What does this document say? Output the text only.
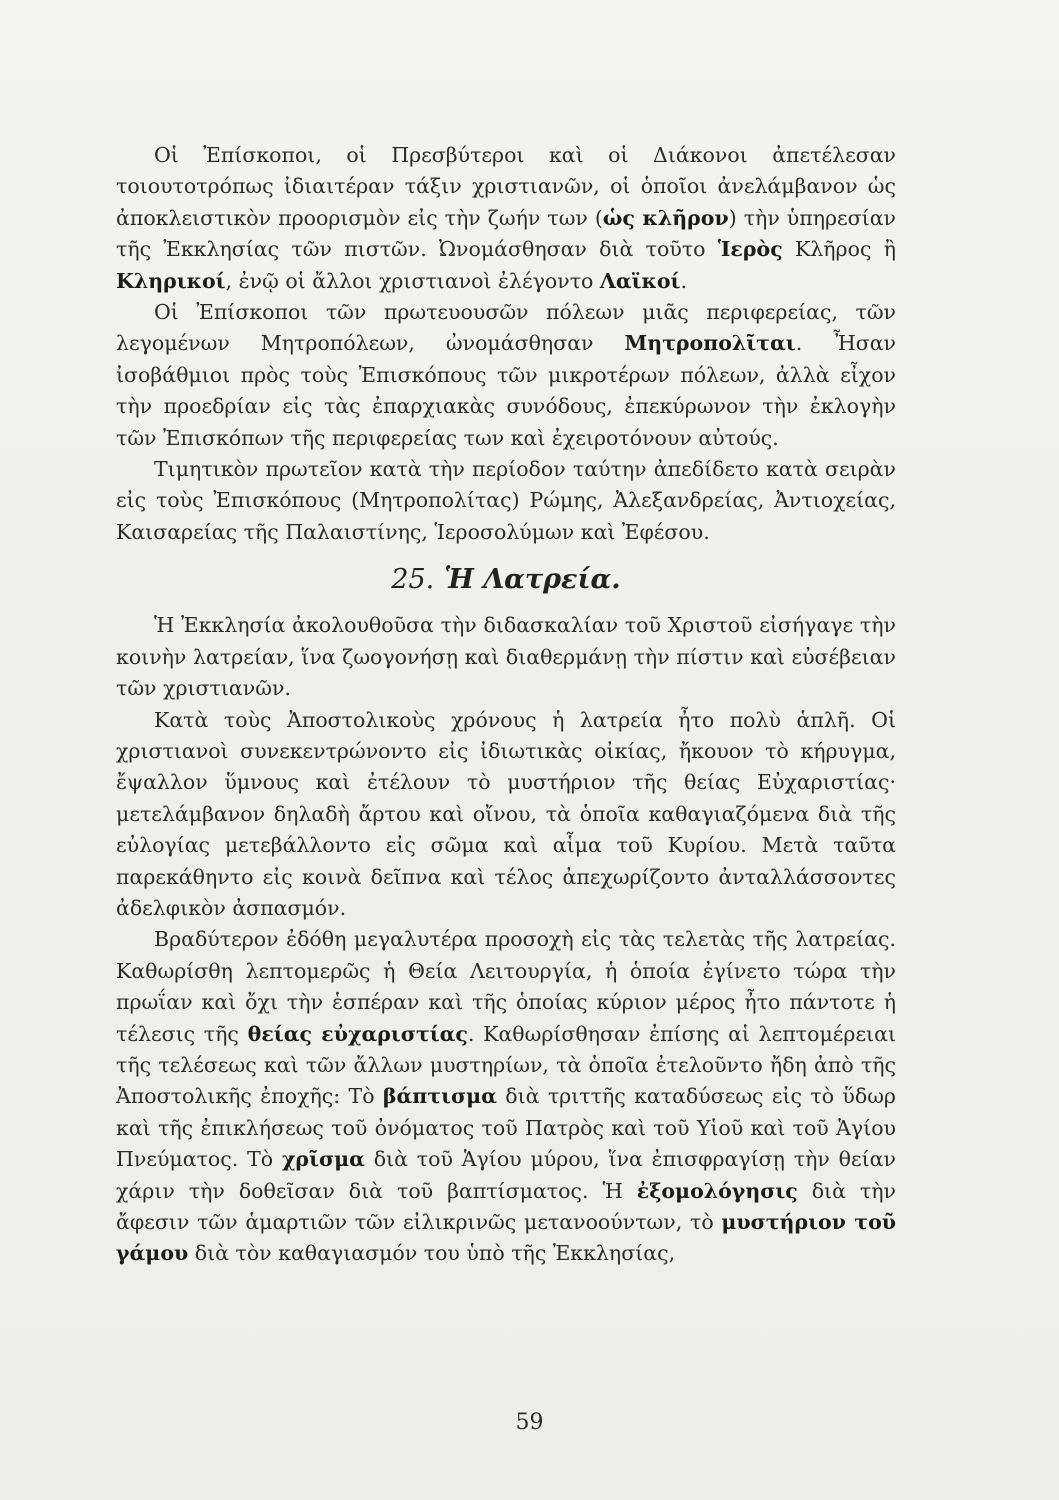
Οἱ Ἐπίσκοποι, οἱ Πρεσβύτεροι καὶ οἱ Διάκονοι ἀπετέλεσαν τοιουτοτρόπως ἰδιαιτέραν τάξιν χριστιανῶν, οἱ ὁποῖοι ἀνελάμβανον ὡς ἀποκλειστικὸν προορισμὸν εἰς τὴν ζωήν των (ὡς κλῆρον) τὴν ὑπηρεσίαν τῆς Ἐκκλησίας τῶν πιστῶν. Ὠνομάσθησαν διὰ τοῦτο Ἱερὸς Κλῆρος ἢ Κληρικοί, ἐνῷ οἱ ἄλλοι χριστιανοὶ ἐλέγοντο Λαϊκοί.

Οἱ Ἐπίσκοποι τῶν πρωτευουσῶν πόλεων μιᾶς περιφερείας, τῶν λεγομένων Μητροπόλεων, ὠνομάσθησαν Μητροπολῖται. Ἦσαν ἰσοβάθμιοι πρὸς τοὺς Ἐπισκόπους τῶν μικροτέρων πόλεων, ἀλλὰ εἶχον τὴν προεδρίαν εἰς τὰς ἐπαρχιακὰς συνόδους, ἐπεκύρωνον τὴν ἐκλογὴν τῶν Ἐπισκόπων τῆς περιφερείας των καὶ ἐχειροτόνουν αὐτούς.

Τιμητικὸν πρωτεῖον κατὰ τὴν περίοδον ταύτην ἀπεδίδετο κατὰ σειρὰν εἰς τοὺς Ἐπισκόπους (Μητροπολίτας) Ρώμης, Ἀλεξανδρείας, Ἀντιοχείας, Καισαρείας τῆς Παλαιστίνης, Ἱεροσολύμων καὶ Ἐφέσου.

25. Ἡ Λατρεία.

Ἡ Ἐκκλησία ἀκολουθοῦσα τὴν διδασκαλίαν τοῦ Χριστοῦ εἰσήγαγε τὴν κοινὴν λατρείαν, ἵνα ζωογονήσῃ καὶ διαθερμάνῃ τὴν πίστιν καὶ εὐσέβειαν τῶν χριστιανῶν.

Κατὰ τοὺς Ἀποστολικοὺς χρόνους ἡ λατρεία ἦτο πολὺ ἁπλῆ. Οἱ χριστιανοὶ συνεκεντρώνοντο εἰς ἰδιωτικὰς οἰκίας, ἤκουον τὸ κήρυγμα, ἔψαλλον ὕμνους καὶ ἐτέλουν τὸ μυστήριον τῆς θείας Εὐχαριστίας· μετελάμβανον δηλαδὴ ἄρτου καὶ οἴνου, τὰ ὁποῖα καθαγιαζόμενα διὰ τῆς εὐλογίας μετεβάλλοντο εἰς σῶμα καὶ αἷμα τοῦ Κυρίου. Μετὰ ταῦτα παρεκάθηντο εἰς κοινὰ δεῖπνα καὶ τέλος ἀπεχωρίζοντο ἀνταλλάσσοντες ἀδελφικὸν ἀσπασμόν.

Βραδύτερον ἐδόθη μεγαλυτέρα προσοχὴ εἰς τὰς τελετὰς τῆς λατρείας. Καθωρίσθη λεπτομερῶς ἡ Θεία Λειτουργία, ἡ ὁποία ἐγίνετο τώρα τὴν πρωΐαν καὶ ὄχι τὴν ἑσπέραν καὶ τῆς ὁποίας κύριον μέρος ἦτο πάντοτε ἡ τέλεσις τῆς θείας εὐχαριστίας. Καθωρίσθησαν ἐπίσης αἱ λεπτομέρειαι τῆς τελέσεως καὶ τῶν ἄλλων μυστηρίων, τὰ ὁποῖα ἐτελοῦντο ἤδη ἀπὸ τῆς Ἀποστολικῆς ἐποχῆς: Τὸ βάπτισμα διὰ τριττῆς καταδύσεως εἰς τὸ ὕδωρ καὶ τῆς ἐπικλήσεως τοῦ ὀνόματος τοῦ Πατρὸς καὶ τοῦ Υἱοῦ καὶ τοῦ Ἁγίου Πνεύματος. Τὸ χρῖσμα διὰ τοῦ Ἁγίου μύρου, ἵνα ἐπισφραγίσῃ τὴν θείαν χάριν τὴν δοθεῖσαν διὰ τοῦ βαπτίσματος. Ἡ ἐξομολόγησις διὰ τὴν ἄφεσιν τῶν ἁμαρτιῶν τῶν εἰλικρινῶς μετανοούντων, τὸ μυστήριον τοῦ γάμου διὰ τὸν καθαγιασμόν του ὑπὸ τῆς Ἐκκλησίας,

59
